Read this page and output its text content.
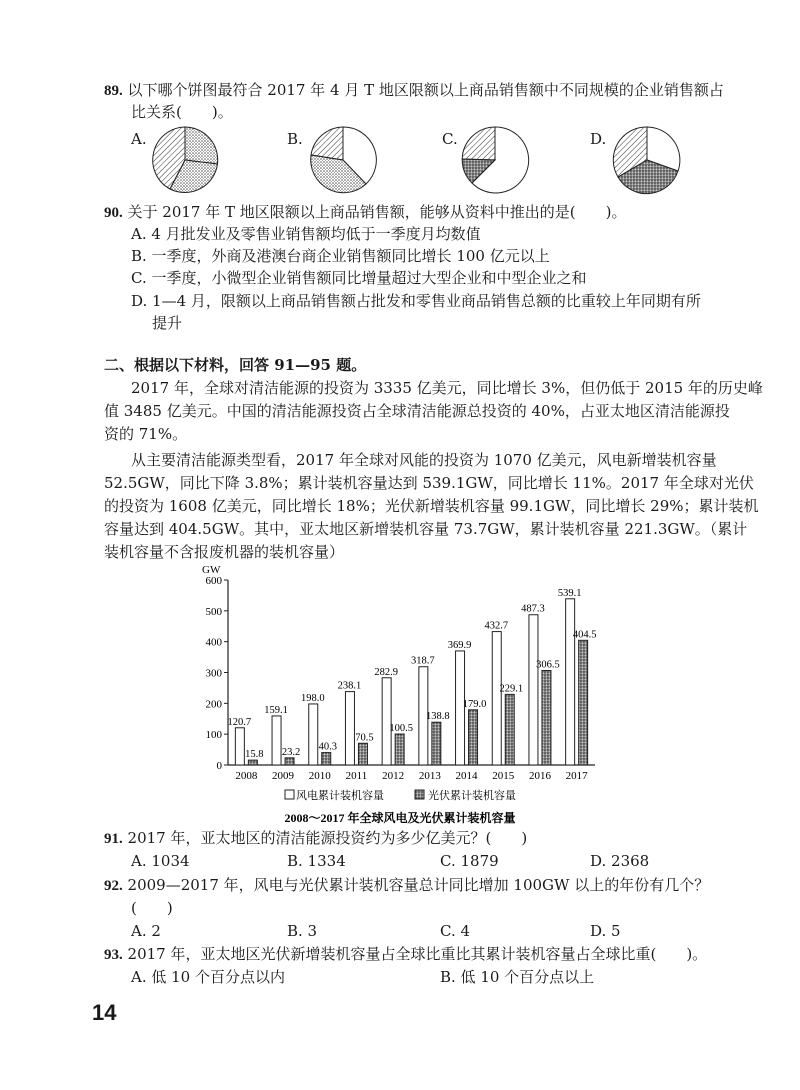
89. 以下哪个饼图最符合 2017 年 4 月 T 地区限额以上商品销售额中不同规模的企业销售额占
比关系(　　)。
A.	B.	C.	D.
90. 关于 2017 年 T 地区限额以上商品销售额，能够从资料中推出的是(　　)。
A. 4 月批发业及零售业销售额均低于一季度月均数值
B. 一季度，外商及港澳台商企业销售额同比增长 100 亿元以上
C. 一季度，小微型企业销售额同比增量超过大型企业和中型企业之和
D. 1—4 月，限额以上商品销售额占批发和零售业商品销售总额的比重较上年同期有所
提升
二、根据以下材料，回答 91—95 题。
2017 年，全球对清洁能源的投资为 3335 亿美元，同比增长 3%，但仍低于 2015 年的历史峰
值 3485 亿美元。中国的清洁能源投资占全球清洁能源总投资的 40%，占亚太地区清洁能源投
资的 71%。
从主要清洁能源类型看，2017 年全球对风能的投资为 1070 亿美元，风电新增装机容量
52.5GW，同比下降 3.8%；累计装机容量达到 539.1GW，同比增长 11%。2017 年全球对光伏
的投资为 1608 亿美元，同比增长 18%；光伏新增装机容量 99.1GW，同比增长 29%；累计装机
容量达到 404.5GW。其中，亚太地区新增装机容量 73.7GW，累计装机容量 221.3GW。（累计
装机容量不含报废机器的装机容量）
GW
0
100
200
300
400
500
600
120.7
15.8
2008
159.1
23.2
2009
198.0
40.3
2010
238.1
70.5
2011
282.9
100.5
2012
318.7
138.8
2013
369.9
179.0
2014
432.7
229.1
2015
487.3
306.5
2016
539.1
404.5
2017
风电累计装机容量	光伏累计装机容量
2008～2017 年全球风电及光伏累计装机容量
91. 2017 年，亚太地区的清洁能源投资约为多少亿美元？(　　)
A. 1034	B. 1334	C. 1879	D. 2368
92. 2009—2017 年，风电与光伏累计装机容量总计同比增加 100GW 以上的年份有几个？
(　　)
A. 2	B. 3	C. 4	D. 5
93. 2017 年，亚太地区光伏新增装机容量占全球比重比其累计装机容量占全球比重(　　)。
A. 低 10 个百分点以内	B. 低 10 个百分点以上
14
